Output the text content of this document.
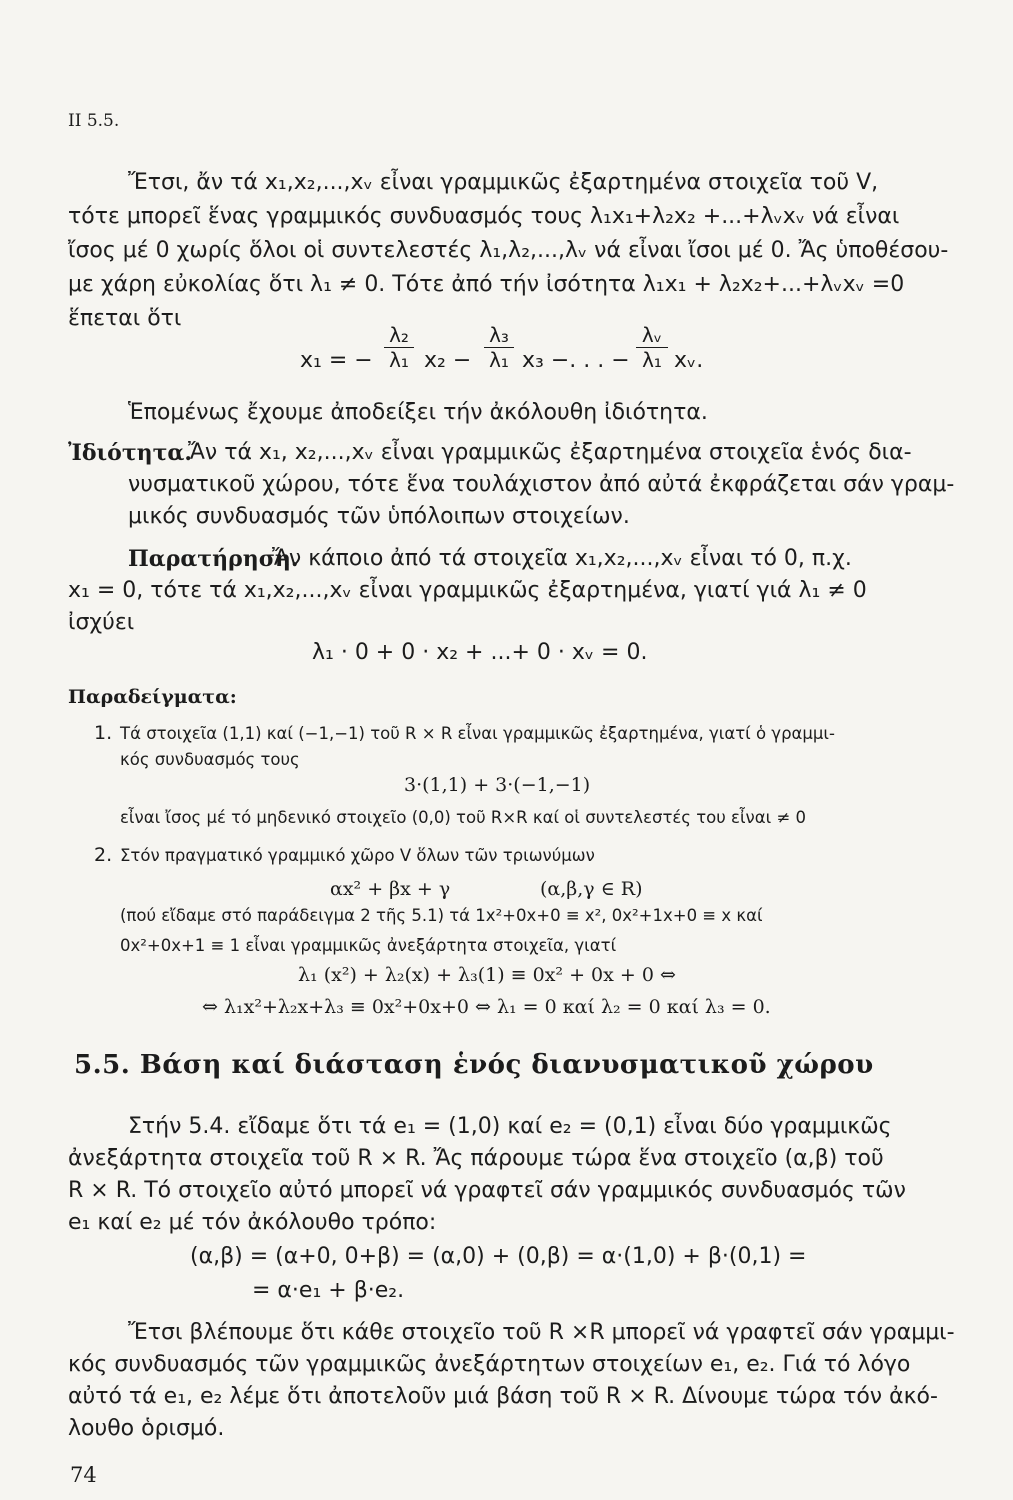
ΙΙ 5.5.
Ἔτσι, ἄν τά x₁,x₂,...,xᵥ εἶναι γραμμικῶς ἐξαρτημένα στοιχεῖα τοῦ V,
τότε μπορεῖ ἕνας γραμμικός συνδυασμός τους λ₁x₁+λ₂x₂ +...+λᵥxᵥ νά εἶναι
ἴσος μέ 0 χωρίς ὅλοι οἱ συντελεστές λ₁,λ₂,...,λᵥ νά εἶναι ἴσοι μέ 0. Ἄς ὑποθέσου-
με χάρη εὐκολίας ὅτι λ₁ ≠ 0. Τότε ἀπό τήν ἰσότητα λ₁x₁ + λ₂x₂+...+λᵥxᵥ =0
ἕπεται ὅτι
x₁ = −
λ₂
λ₁ x₂ −
λ₃
λ₁ x₃ −. . . −
λᵥ
λ₁ xᵥ.
Ἑπομένως ἔχουμε ἀποδείξει τήν ἀκόλουθη ἰδιότητα.
Ἰδιότητα.
Ἄν τά x₁, x₂,...,xᵥ εἶναι γραμμικῶς ἐξαρτημένα στοιχεῖα ἑνός δια-
νυσματικοῦ χώρου, τότε ἕνα τουλάχιστον ἀπό αὐτά ἐκφράζεται σάν γραμ-
μικός συνδυασμός τῶν ὑπόλοιπων στοιχείων.
Παρατήρηση.
Ἄν κάποιο ἀπό τά στοιχεῖα x₁,x₂,...,xᵥ εἶναι τό 0, π.χ.
x₁ = 0, τότε τά x₁,x₂,...,xᵥ εἶναι γραμμικῶς ἐξαρτημένα, γιατί γιά λ₁ ≠ 0
ἰσχύει
λ₁ · 0 + 0 · x₂ + ...+ 0 · xᵥ = 0.
Παραδείγματα:
1. Τά στοιχεῖα (1,1) καί (−1,−1) τοῦ R × R εἶναι γραμμικῶς ἐξαρτημένα, γιατί ὁ γραμμι-
κός συνδυασμός τους
3·(1,1) + 3·(−1,−1)
εἶναι ἴσος μέ τό μηδενικό στοιχεῖο (0,0) τοῦ R×R καί οἱ συντελεστές του εἶναι ≠ 0
2. Στόν πραγματικό γραμμικό χῶρο V ὅλων τῶν τριωνύμων
αx² + βx + γ	(α,β,γ ∈ R)
(πού εἴδαμε στό παράδειγμα 2 τῆς 5.1) τά 1x²+0x+0 ≡ x², 0x²+1x+0 ≡ x καί
0x²+0x+1 ≡ 1 εἶναι γραμμικῶς ἀνεξάρτητα στοιχεῖα, γιατί
λ₁ (x²) + λ₂(x) + λ₃(1) ≡ 0x² + 0x + 0 ⇔
⇔ λ₁x²+λ₂x+λ₃ ≡ 0x²+0x+0 ⇔ λ₁ = 0 καί λ₂ = 0 καί λ₃ = 0.
5.5. Βάση καί διάσταση ἑνός διανυσματικοῦ χώρου
Στήν 5.4. εἴδαμε ὅτι τά e₁ = (1,0) καί e₂ = (0,1) εἶναι δύο γραμμικῶς
ἀνεξάρτητα στοιχεῖα τοῦ R × R. Ἄς πάρουμε τώρα ἕνα στοιχεῖο (α,β) τοῦ
R × R. Τό στοιχεῖο αὐτό μπορεῖ νά γραφτεῖ σάν γραμμικός συνδυασμός τῶν
e₁ καί e₂ μέ τόν ἀκόλουθο τρόπο:
(α,β) = (α+0, 0+β) = (α,0) + (0,β) = α·(1,0) + β·(0,1) =
= α·e₁ + β·e₂.
Ἔτσι βλέπουμε ὅτι κάθε στοιχεῖο τοῦ R ×R μπορεῖ νά γραφτεῖ σάν γραμμι-
κός συνδυασμός τῶν γραμμικῶς ἀνεξάρτητων στοιχείων e₁, e₂. Γιά τό λόγο
αὐτό τά e₁, e₂ λέμε ὅτι ἀποτελοῦν μιά βάση τοῦ R × R. Δίνουμε τώρα τόν ἀκό-
λουθο ὁρισμό.
74
